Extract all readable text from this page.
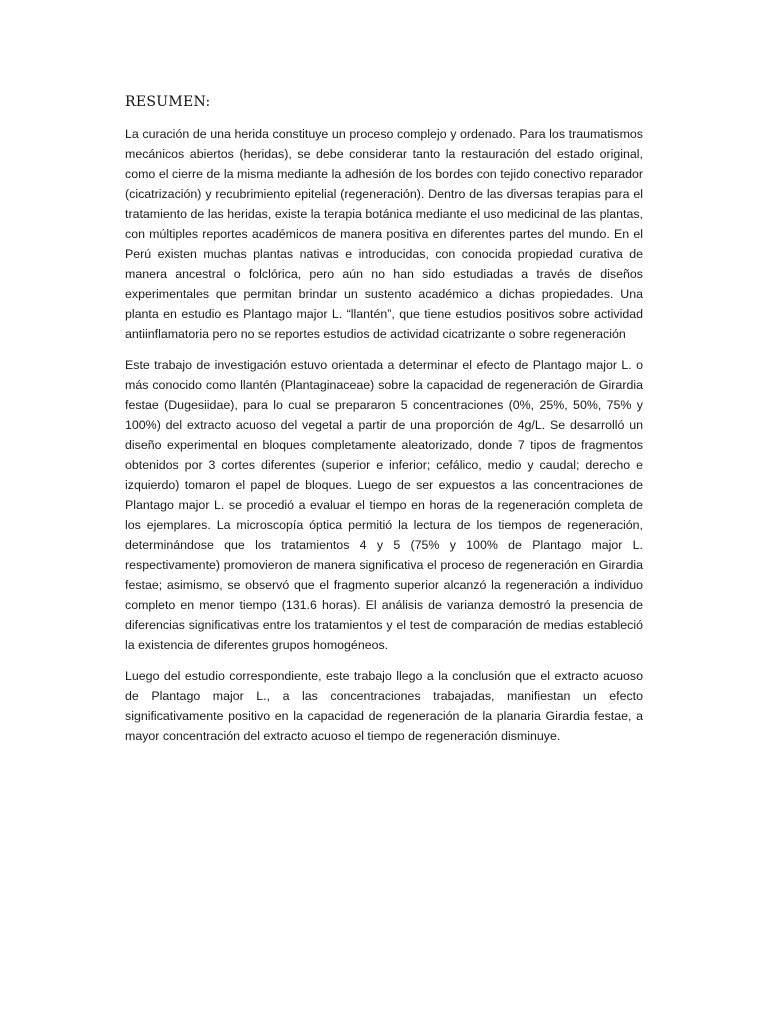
RESUMEN:

La curación de una herida constituye un proceso complejo y ordenado. Para los traumatismos mecánicos abiertos (heridas), se debe considerar tanto la restauración del estado original, como el cierre de la misma mediante la adhesión de los bordes con tejido conectivo reparador (cicatrización) y recubrimiento epitelial (regeneración). Dentro de las diversas terapias para el tratamiento de las heridas, existe la terapia botánica mediante el uso medicinal de las plantas, con múltiples reportes académicos de manera positiva en diferentes partes del mundo. En el Perú existen muchas plantas nativas e introducidas, con conocida propiedad curativa de manera ancestral o folclórica, pero aún no han sido estudiadas a través de diseños experimentales que permitan brindar un sustento académico a dichas propiedades. Una planta en estudio es Plantago major L. “llantén”, que tiene estudios positivos sobre actividad antiinflamatoria pero no se reportes estudios de actividad cicatrizante o sobre regeneración

Este trabajo de investigación estuvo orientada a determinar el efecto de Plantago major L. o más conocido como llantén (Plantaginaceae) sobre la capacidad de regeneración de Girardia festae (Dugesiidae), para lo cual se prepararon 5 concentraciones (0%, 25%, 50%, 75% y 100%) del extracto acuoso del vegetal a partir de una proporción de 4g/L. Se desarrolló un diseño experimental en bloques completamente aleatorizado, donde 7 tipos de fragmentos obtenidos por 3 cortes diferentes (superior e inferior; cefálico, medio y caudal; derecho e izquierdo) tomaron el papel de bloques. Luego de ser expuestos a las concentraciones de Plantago major L. se procedió a evaluar el tiempo en horas de la regeneración completa de los ejemplares. La microscopía óptica permitió la lectura de los tiempos de regeneración, determinándose que los tratamientos 4 y 5 (75% y 100% de Plantago major L. respectivamente) promovieron de manera significativa el proceso de regeneración en Girardia festae; asimismo, se observó que el fragmento superior alcanzó la regeneración a individuo completo en menor tiempo (131.6 horas). El análisis de varianza demostró la presencia de diferencias significativas entre los tratamientos y el test de comparación de medias estableció la existencia de diferentes grupos homogéneos.

Luego del estudio correspondiente, este trabajo llego a la conclusión que el extracto acuoso de Plantago major L., a las concentraciones trabajadas, manifiestan un efecto significativamente positivo en la capacidad de regeneración de la planaria Girardia festae, a mayor concentración del extracto acuoso el tiempo de regeneración disminuye.
